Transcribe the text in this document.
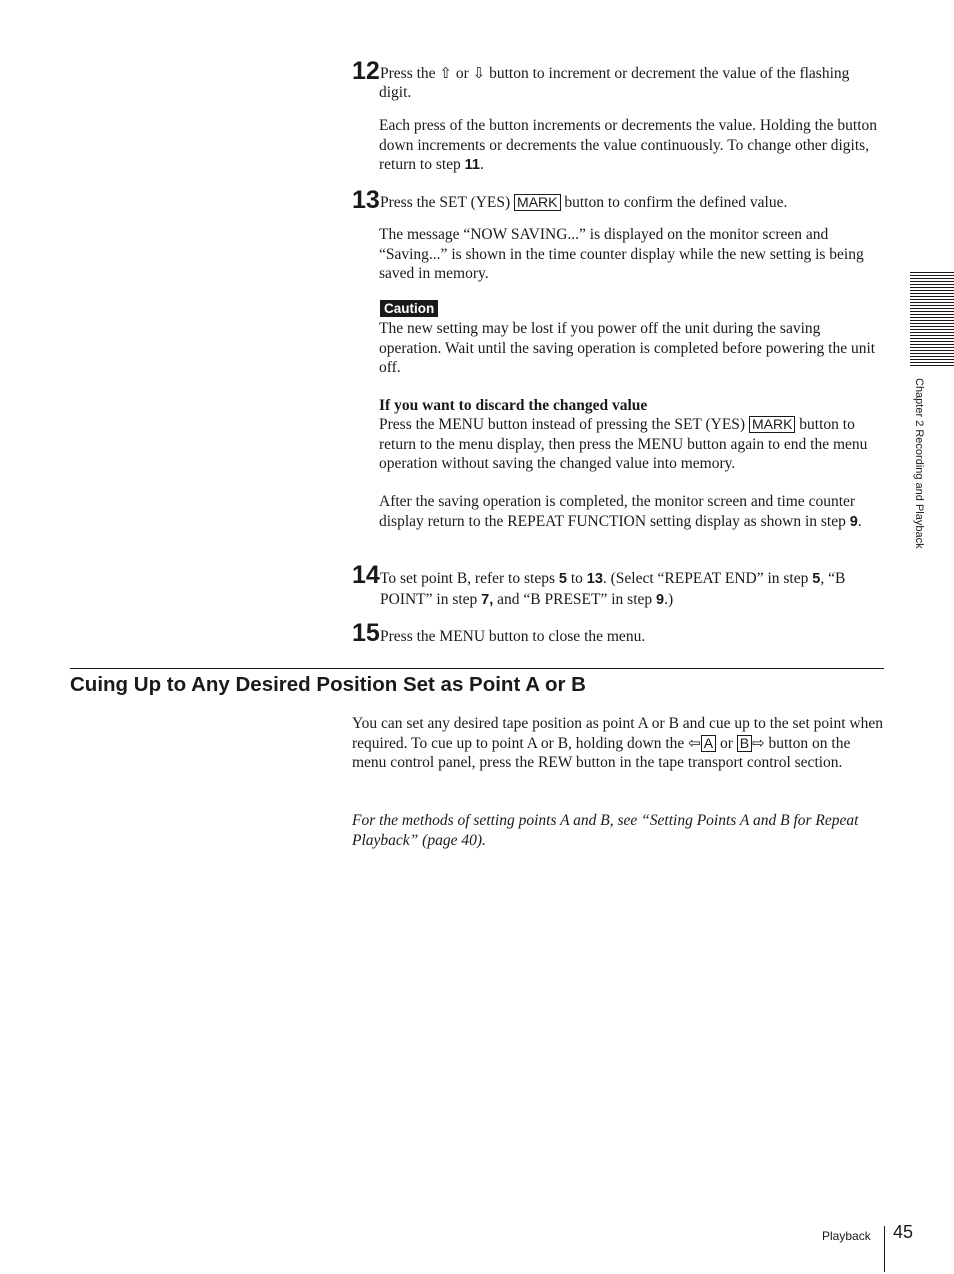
12 Press the ⇧ or ⇩ button to increment or decrement the value of the flashing
digit.
Each press of the button increments or decrements the value. Holding the button down increments or decrements the value continuously. To change other digits, return to step 11.
13 Press the SET (YES) MARK button to confirm the defined value.
The message “NOW SAVING...” is displayed on the monitor screen and “Saving...” is shown in the time counter display while the new setting is being saved in memory.
Caution
The new setting may be lost if you power off the unit during the saving operation. Wait until the saving operation is completed before powering the unit off.
If you want to discard the changed value
Press the MENU button instead of pressing the SET (YES) MARK button to return to the menu display, then press the MENU button again to end the menu operation without saving the changed value into memory.
After the saving operation is completed, the monitor screen and time counter display return to the REPEAT FUNCTION setting display as shown in step 9.
14 To set point B, refer to steps 5 to 13. (Select “REPEAT END” in step 5, “B POINT” in step 7, and “B PRESET” in step 9.)
15 Press the MENU button to close the menu.
Cuing Up to Any Desired Position Set as Point A or B
You can set any desired tape position as point A or B and cue up to the set point when required. To cue up to point A or B, holding down the ⇦ A or B ⇨ button on the menu control panel, press the REW button in the tape transport control section.
For the methods of setting points A and B, see “Setting Points A and B for Repeat Playback” (page 40).
Chapter 2 Recording and Playback
Playback 45
